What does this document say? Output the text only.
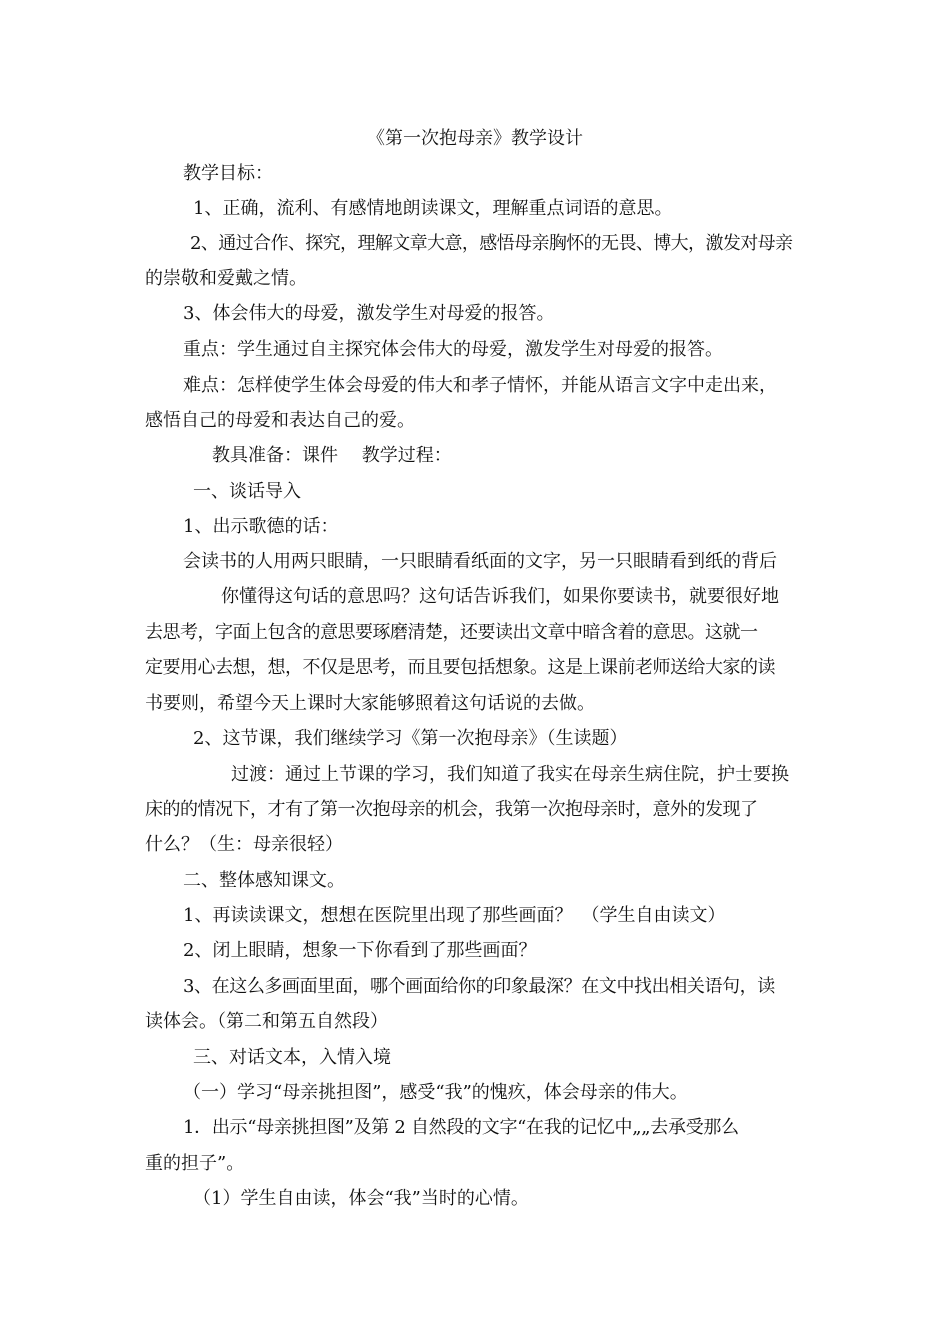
《第一次抱母亲》教学设计
教学目标：
1、正确，流利、有感情地朗读课文，理解重点词语的意思。
2、通过合作、探究，理解文章大意，感悟母亲胸怀的无畏、博大，激发对母亲
的崇敬和爱戴之情。
3、体会伟大的母爱，激发学生对母爱的报答。
重点：学生通过自主探究体会伟大的母爱，激发学生对母爱的报答。
难点：怎样使学生体会母爱的伟大和孝子情怀，并能从语言文字中走出来，
感悟自己的母爱和表达自己的爱。
教具准备：课件　 教学过程：
一、谈话导入
1、出示歌德的话：
会读书的人用两只眼睛，一只眼睛看纸面的文字，另一只眼睛看到纸的背后
你懂得这句话的意思吗？这句话告诉我们，如果你要读书，就要很好地
去思考，字面上包含的意思要琢磨清楚，还要读出文章中暗含着的意思。这就一
定要用心去想，想，不仅是思考，而且要包括想象。这是上课前老师送给大家的读
书要则，希望今天上课时大家能够照着这句话说的去做。
2、这节课，我们继续学习《第一次抱母亲》（生读题）
过渡：通过上节课的学习，我们知道了我实在母亲生病住院，护士要换
床的的情况下，才有了第一次抱母亲的机会，我第一次抱母亲时，意外的发现了
什么？（生：母亲很轻）
二、整体感知课文。
1、再读读课文，想想在医院里出现了那些画面？　（学生自由读文）
2、闭上眼睛，想象一下你看到了那些画面？
3、在这么多画面里面，哪个画面给你的印象最深？在文中找出相关语句，读
读体会。（第二和第五自然段）
三、对话文本，入情入境
（一）学习“母亲挑担图”，感受“我”的愧疚，体会母亲的伟大。
1．出示“母亲挑担图”及第 2 自然段的文字“在我的记忆中„„去承受那么
重的担子”。
（1）学生自由读，体会“我”当时的心情。
